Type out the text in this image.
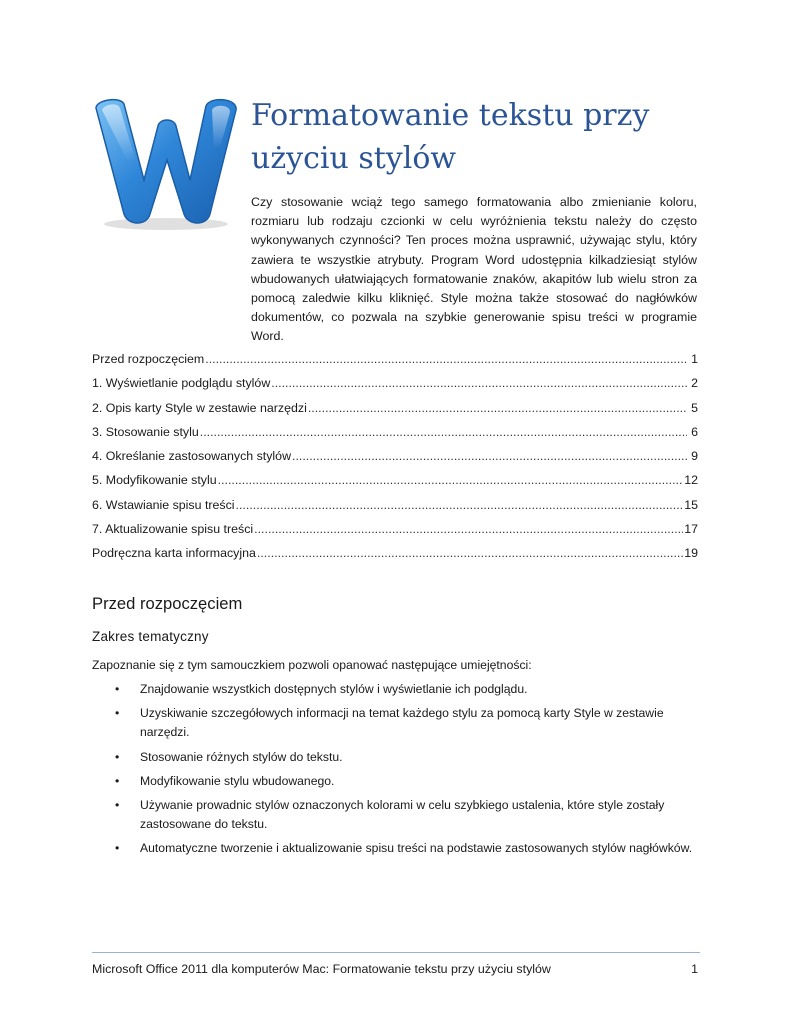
Formatowanie tekstu przy użyciu stylów

Czy stosowanie wciąż tego samego formatowania albo zmienianie koloru, rozmiaru lub rodzaju czcionki w celu wyróżnienia tekstu należy do często wykonywanych czynności? Ten proces można usprawnić, używając stylu, który zawiera te wszystkie atrybuty. Program Word udostępnia kilkadziesiąt stylów wbudowanych ułatwiających formatowanie znaków, akapitów lub wielu stron za pomocą zaledwie kilku kliknięć. Style można także stosować do nagłówków dokumentów, co pozwala na szybkie generowanie spisu treści w programie Word.

Przed rozpoczęciem .....	1
1. Wyświetlanie podglądu stylów .....	2
2. Opis karty Style w zestawie narzędzi .....	5
3. Stosowanie stylu .....	6
4. Określanie zastosowanych stylów .....	9
5. Modyfikowanie stylu .....	12
6. Wstawianie spisu treści .....	15
7. Aktualizowanie spisu treści .....	17
Podręczna karta informacyjna .....	19
Przed rozpoczęciem
Zakres tematyczny

Zapoznanie się z tym samouczkiem pozwoli opanować następujące umiejętności:

• Znajdowanie wszystkich dostępnych stylów i wyświetlanie ich podglądu.
• Uzyskiwanie szczegółowych informacji na temat każdego stylu za pomocą karty Style w zestawie narzędzi.
• Stosowanie różnych stylów do tekstu.
• Modyfikowanie stylu wbudowanego.
• Używanie prowadnic stylów oznaczonych kolorami w celu szybkiego ustalenia, które style zostały zastosowane do tekstu.
• Automatyczne tworzenie i aktualizowanie spisu treści na podstawie zastosowanych stylów nagłówków.
Microsoft Office 2011 dla komputerów Mac: Formatowanie tekstu przy użyciu stylów	1
